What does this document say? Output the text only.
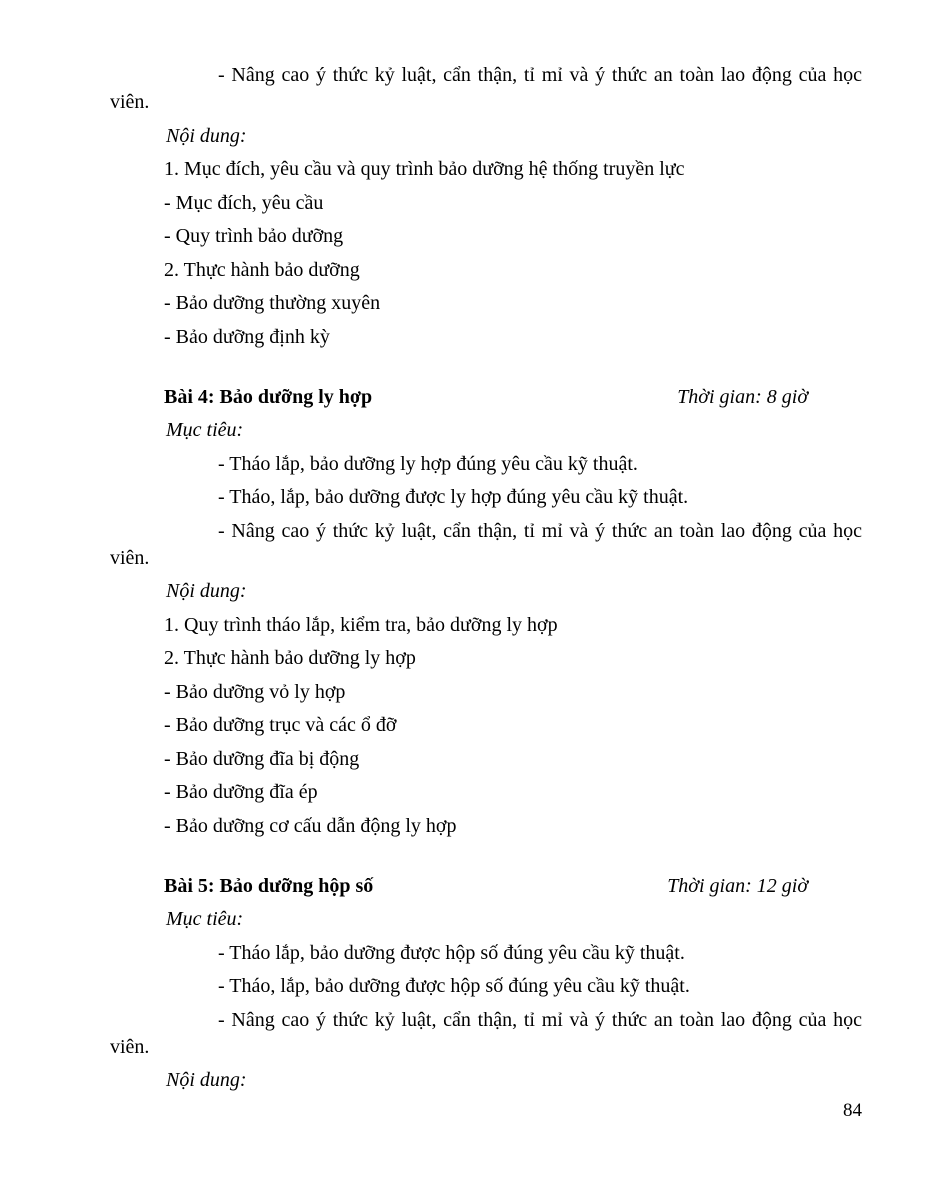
- Nâng cao ý thức kỷ luật, cẩn thận, tỉ mỉ và ý thức an toàn lao động của học viên.

Nội dung:

1. Mục đích, yêu cầu và quy trình bảo dưỡng hệ thống truyền lực

- Mục đích, yêu cầu

- Quy trình bảo dưỡng

2. Thực hành bảo dưỡng

- Bảo dưỡng thường xuyên

- Bảo dưỡng định kỳ

Bài 4: Bảo dưỡng ly hợp	Thời gian: 8 giờ

Mục tiêu:

- Tháo lắp, bảo dưỡng ly hợp đúng yêu cầu kỹ thuật.

- Tháo, lắp, bảo dưỡng được ly hợp đúng yêu cầu kỹ thuật.

- Nâng cao ý thức kỷ luật, cẩn thận, tỉ mỉ và ý thức an toàn lao động của học viên.

Nội dung:

1. Quy trình tháo lắp, kiểm tra, bảo dưỡng ly hợp

2. Thực hành bảo dưỡng ly hợp

- Bảo dưỡng vỏ ly hợp

- Bảo dưỡng trục và các ổ đỡ

- Bảo dưỡng đĩa bị động

- Bảo dưỡng đĩa ép

- Bảo dưỡng cơ cấu dẫn động ly hợp

Bài 5: Bảo dưỡng hộp số	Thời gian: 12 giờ

Mục tiêu:

- Tháo lắp, bảo dưỡng được hộp số đúng yêu cầu kỹ thuật.

- Tháo, lắp, bảo dưỡng được hộp số đúng yêu cầu kỹ thuật.

- Nâng cao ý thức kỷ luật, cẩn thận, tỉ mỉ và ý thức an toàn lao động của học viên.

Nội dung:

84
